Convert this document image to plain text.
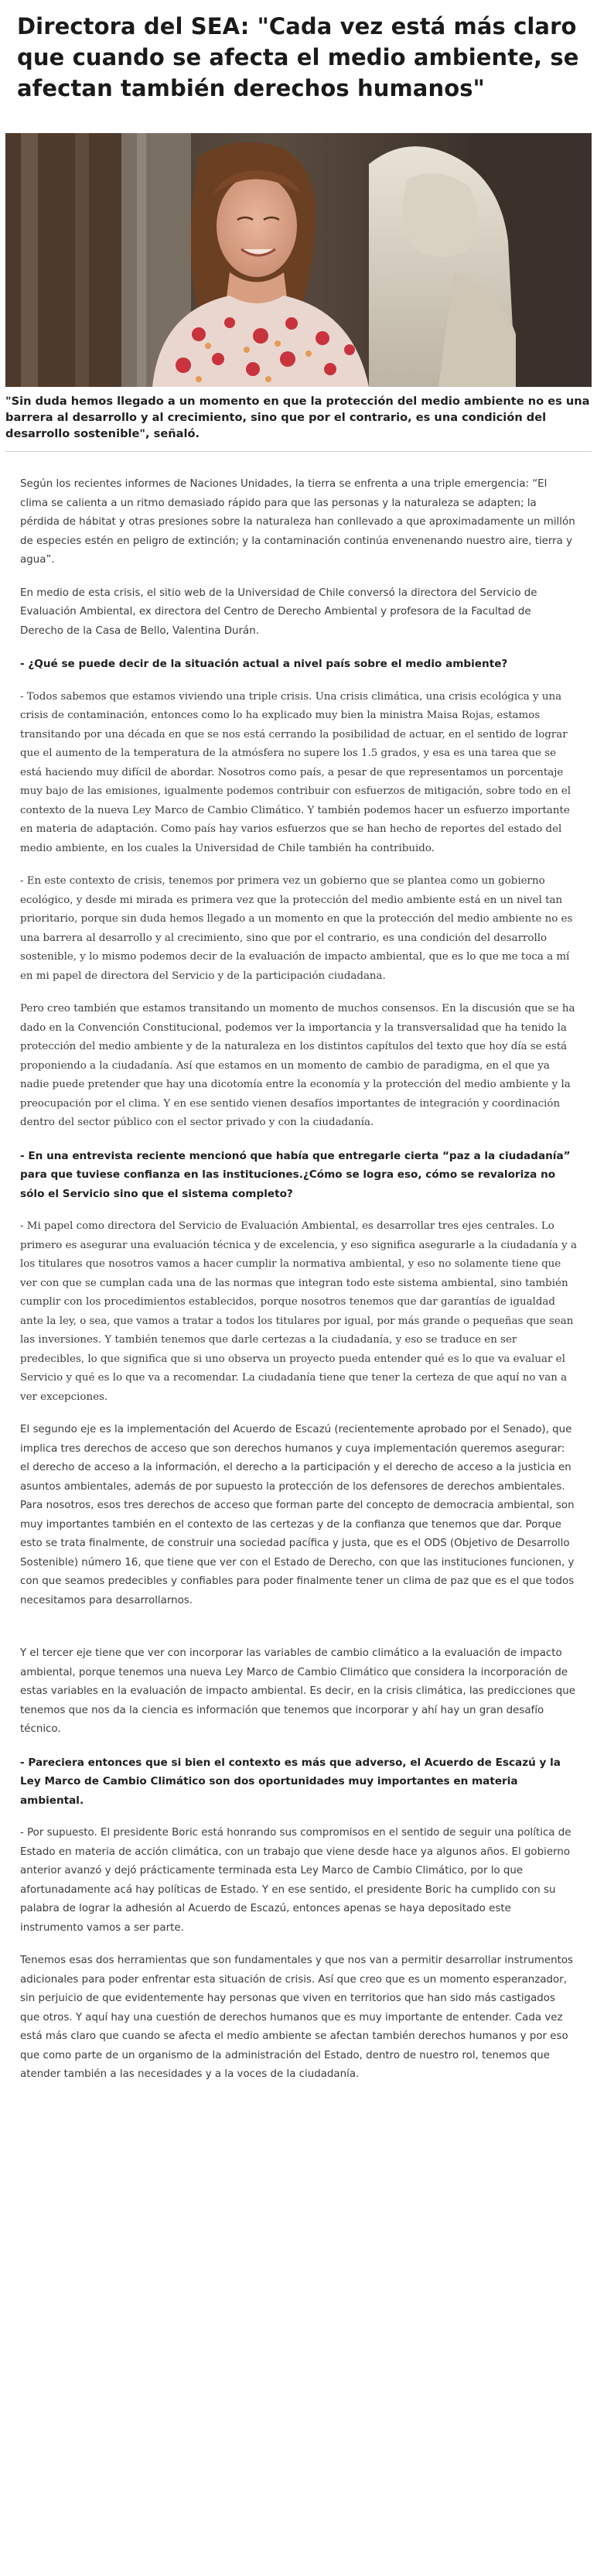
Directora del SEA: "Cada vez está más claro que cuando se afecta el medio ambiente, se afectan también derechos humanos"
"Sin duda hemos llegado a un momento en que la protección del medio ambiente no es una barrera al desarrollo y al crecimiento, sino que por el contrario, es una condición del desarrollo sostenible", señaló.

Según los recientes informes de Naciones Unidades, la tierra se enfrenta a una triple emergencia: “El clima se calienta a un ritmo demasiado rápido para que las personas y la naturaleza se adapten; la pérdida de hábitat y otras presiones sobre la naturaleza han conllevado a que aproximadamente un millón de especies estén en peligro de extinción; y la contaminación continúa envenenando nuestro aire, tierra y agua”.

En medio de esta crisis, el sitio web de la Universidad de Chile conversó la directora del Servicio de Evaluación Ambiental, ex directora del Centro de Derecho Ambiental y profesora de la Facultad de Derecho de la Casa de Bello, Valentina Durán.

- ¿Qué se puede decir de la situación actual a nivel país sobre el medio ambiente?

- Todos sabemos que estamos viviendo una triple crisis. Una crisis climática, una crisis ecológica y una crisis de contaminación, entonces como lo ha explicado muy bien la ministra Maisa Rojas, estamos transitando por una década en que se nos está cerrando la posibilidad de actuar, en el sentido de lograr que el aumento de la temperatura de la atmósfera no supere los 1.5 grados, y esa es una tarea que se está haciendo muy difícil de abordar. Nosotros como país, a pesar de que representamos un porcentaje muy bajo de las emisiones, igualmente podemos contribuir con esfuerzos de mitigación, sobre todo en el contexto de la nueva Ley Marco de Cambio Climático. Y también podemos hacer un esfuerzo importante en materia de adaptación. Como país hay varios esfuerzos que se han hecho de reportes del estado del medio ambiente, en los cuales la Universidad de Chile también ha contribuido.

- En este contexto de crisis, tenemos por primera vez un gobierno que se plantea como un gobierno ecológico, y desde mi mirada es primera vez que la protección del medio ambiente está en un nivel tan prioritario, porque sin duda hemos llegado a un momento en que la protección del medio ambiente no es una barrera al desarrollo y al crecimiento, sino que por el contrario, es una condición del desarrollo sostenible, y lo mismo podemos decir de la evaluación de impacto ambiental, que es lo que me toca a mí en mi papel de directora del Servicio y de la participación ciudadana.

Pero creo también que estamos transitando un momento de muchos consensos. En la discusión que se ha dado en la Convención Constitucional, podemos ver la importancia y la transversalidad que ha tenido la protección del medio ambiente y de la naturaleza en los distintos capítulos del texto que hoy día se está proponiendo a la ciudadanía. Así que estamos en un momento de cambio de paradigma, en el que ya nadie puede pretender que hay una dicotomía entre la economía y la protección del medio ambiente y la preocupación por el clima. Y en ese sentido vienen desafíos importantes de integración y coordinación dentro del sector público con el sector privado y con la ciudadanía.

- En una entrevista reciente mencionó que había que entregarle cierta “paz a la ciudadanía” para que tuviese confianza en las instituciones.¿Cómo se logra eso, cómo se revaloriza no sólo el Servicio sino que el sistema completo?

- Mi papel como directora del Servicio de Evaluación Ambiental, es desarrollar tres ejes centrales. Lo primero es asegurar una evaluación técnica y de excelencia, y eso significa asegurarle a la ciudadanía y a los titulares que nosotros vamos a hacer cumplir la normativa ambiental, y eso no solamente tiene que ver con que se cumplan cada una de las normas que integran todo este sistema ambiental, sino también cumplir con los procedimientos establecidos, porque nosotros tenemos que dar garantías de igualdad ante la ley, o sea, que vamos a tratar a todos los titulares por igual, por más grande o pequeñas que sean las inversiones. Y también tenemos que darle certezas a la ciudadanía, y eso se traduce en ser predecibles, lo que significa que si uno observa un proyecto pueda entender qué es lo que va evaluar el Servicio y qué es lo que va a recomendar. La ciudadanía tiene que tener la certeza de que aquí no van a ver excepciones.

El segundo eje es la implementación del Acuerdo de Escazú (recientemente aprobado por el Senado), que implica tres derechos de acceso que son derechos humanos y cuya implementación queremos asegurar: el derecho de acceso a la información, el derecho a la participación y el derecho de acceso a la justicia en asuntos ambientales, además de por supuesto la protección de los defensores de derechos ambientales. Para nosotros, esos tres derechos de acceso que forman parte del concepto de democracia ambiental, son muy importantes también en el contexto de las certezas y de la confianza que tenemos que dar. Porque esto se trata finalmente, de construir una sociedad pacífica y justa, que es el ODS (Objetivo de Desarrollo Sostenible) número 16, que tiene que ver con el Estado de Derecho, con que las instituciones funcionen, y con que seamos predecibles y confiables para poder finalmente tener un clima de paz que es el que todos necesitamos para desarrollarnos.

Y el tercer eje tiene que ver con incorporar las variables de cambio climático a la evaluación de impacto ambiental, porque tenemos una nueva Ley Marco de Cambio Climático que considera la incorporación de estas variables en la evaluación de impacto ambiental. Es decir, en la crisis climática, las predicciones que tenemos que nos da la ciencia es información que tenemos que incorporar y ahí hay un gran desafío técnico.

- Pareciera entonces que si bien el contexto es más que adverso, el Acuerdo de Escazú y la Ley Marco de Cambio Climático son dos oportunidades muy importantes en materia ambiental.

- Por supuesto. El presidente Boric está honrando sus compromisos en el sentido de seguir una política de Estado en materia de acción climática, con un trabajo que viene desde hace ya algunos años. El gobierno anterior avanzó y dejó prácticamente terminada esta Ley Marco de Cambio Climático, por lo que afortunadamente acá hay políticas de Estado. Y en ese sentido, el presidente Boric ha cumplido con su palabra de lograr la adhesión al Acuerdo de Escazú, entonces apenas se haya depositado este instrumento vamos a ser parte.

Tenemos esas dos herramientas que son fundamentales y que nos van a permitir desarrollar instrumentos adicionales para poder enfrentar esta situación de crisis. Así que creo que es un momento esperanzador, sin perjuicio de que evidentemente hay personas que viven en territorios que han sido más castigados que otros. Y aquí hay una cuestión de derechos humanos que es muy importante de entender. Cada vez está más claro que cuando se afecta el medio ambiente se afectan también derechos humanos y por eso que como parte de un organismo de la administración del Estado, dentro de nuestro rol, tenemos que atender también a las necesidades y a la voces de la ciudadanía.
